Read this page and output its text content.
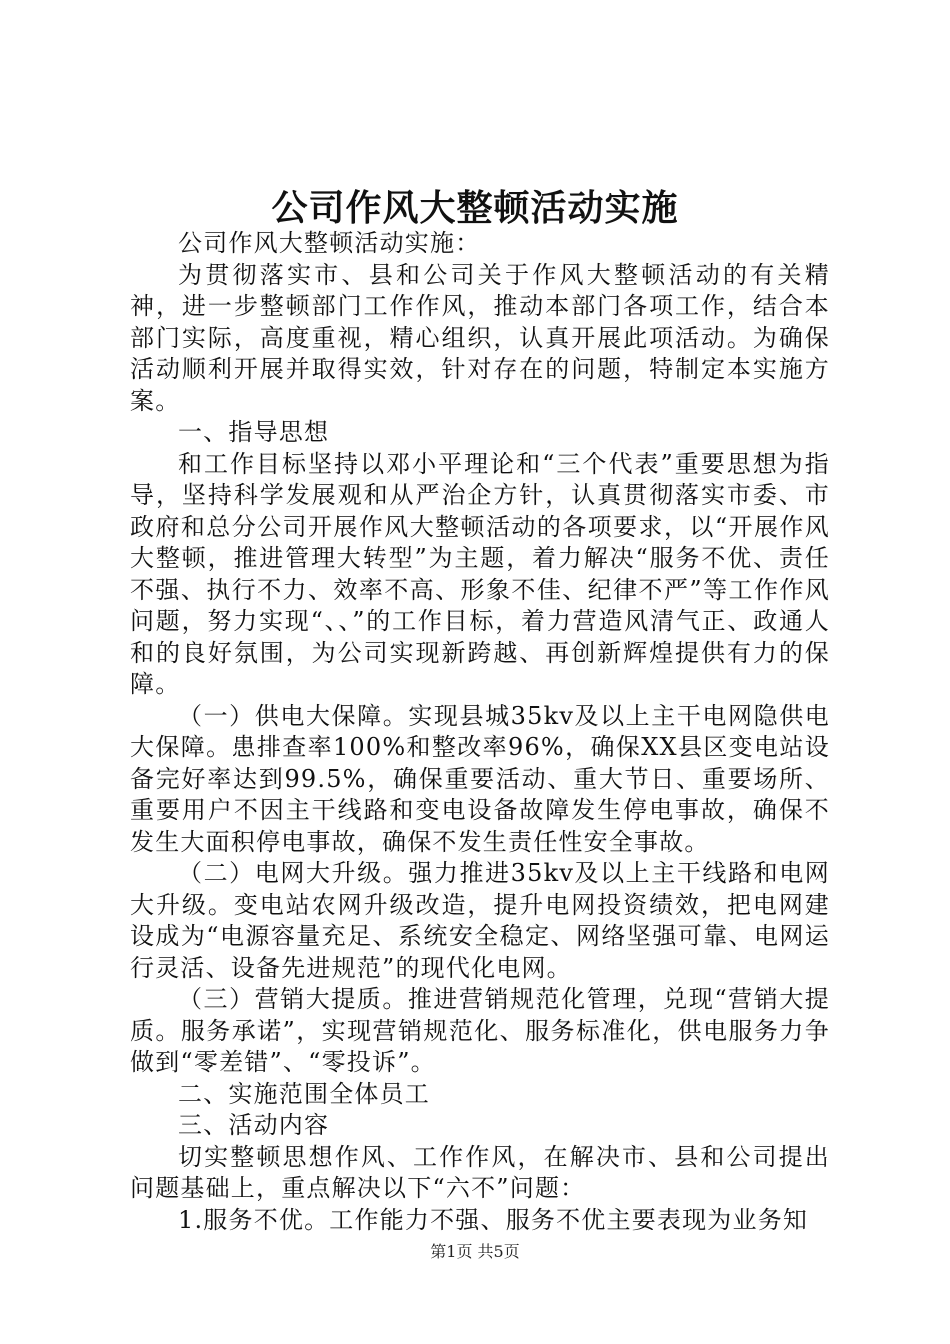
公司作风大整顿活动实施

公司作风大整顿活动实施：

为贯彻落实市、县和公司关于作风大整顿活动的有关精神，进一步整顿部门工作作风，推动本部门各项工作，结合本部门实际，高度重视，精心组织，认真开展此项活动。为确保活动顺利开展并取得实效，针对存在的问题，特制定本实施方案。

一、指导思想

和工作目标坚持以邓小平理论和“三个代表”重要思想为指导，坚持科学发展观和从严治企方针，认真贯彻落实市委、市政府和总分公司开展作风大整顿活动的各项要求，以“开展作风大整顿，推进管理大转型”为主题，着力解决“服务不优、责任不强、执行不力、效率不高、形象不佳、纪律不严”等工作作风问题，努力实现“、、”的工作目标，着力营造风清气正、政通人和的良好氛围，为公司实现新跨越、再创新辉煌提供有力的保障。

（一）供电大保障。实现县城35kv及以上主干电网隐供电大保障。患排查率100%和整改率96%，确保XX县区变电站设备完好率达到99.5%，确保重要活动、重大节日、重要场所、重要用户不因主干线路和变电设备故障发生停电事故，确保不发生大面积停电事故，确保不发生责任性安全事故。

（二）电网大升级。强力推进35kv及以上主干线路和电网大升级。变电站农网升级改造，提升电网投资绩效，把电网建设成为“电源容量充足、系统安全稳定、网络坚强可靠、电网运行灵活、设备先进规范”的现代化电网。

（三）营销大提质。推进营销规范化管理，兑现“营销大提质。服务承诺”，实现营销规范化、服务标准化，供电服务力争做到“零差错”、“零投诉”。

二、实施范围全体员工

三、活动内容

切实整顿思想作风、工作作风，在解决市、县和公司提出问题基础上，重点解决以下“六不”问题：

1.服务不优。工作能力不强、服务不优主要表现为业务知

第1页 共5页
